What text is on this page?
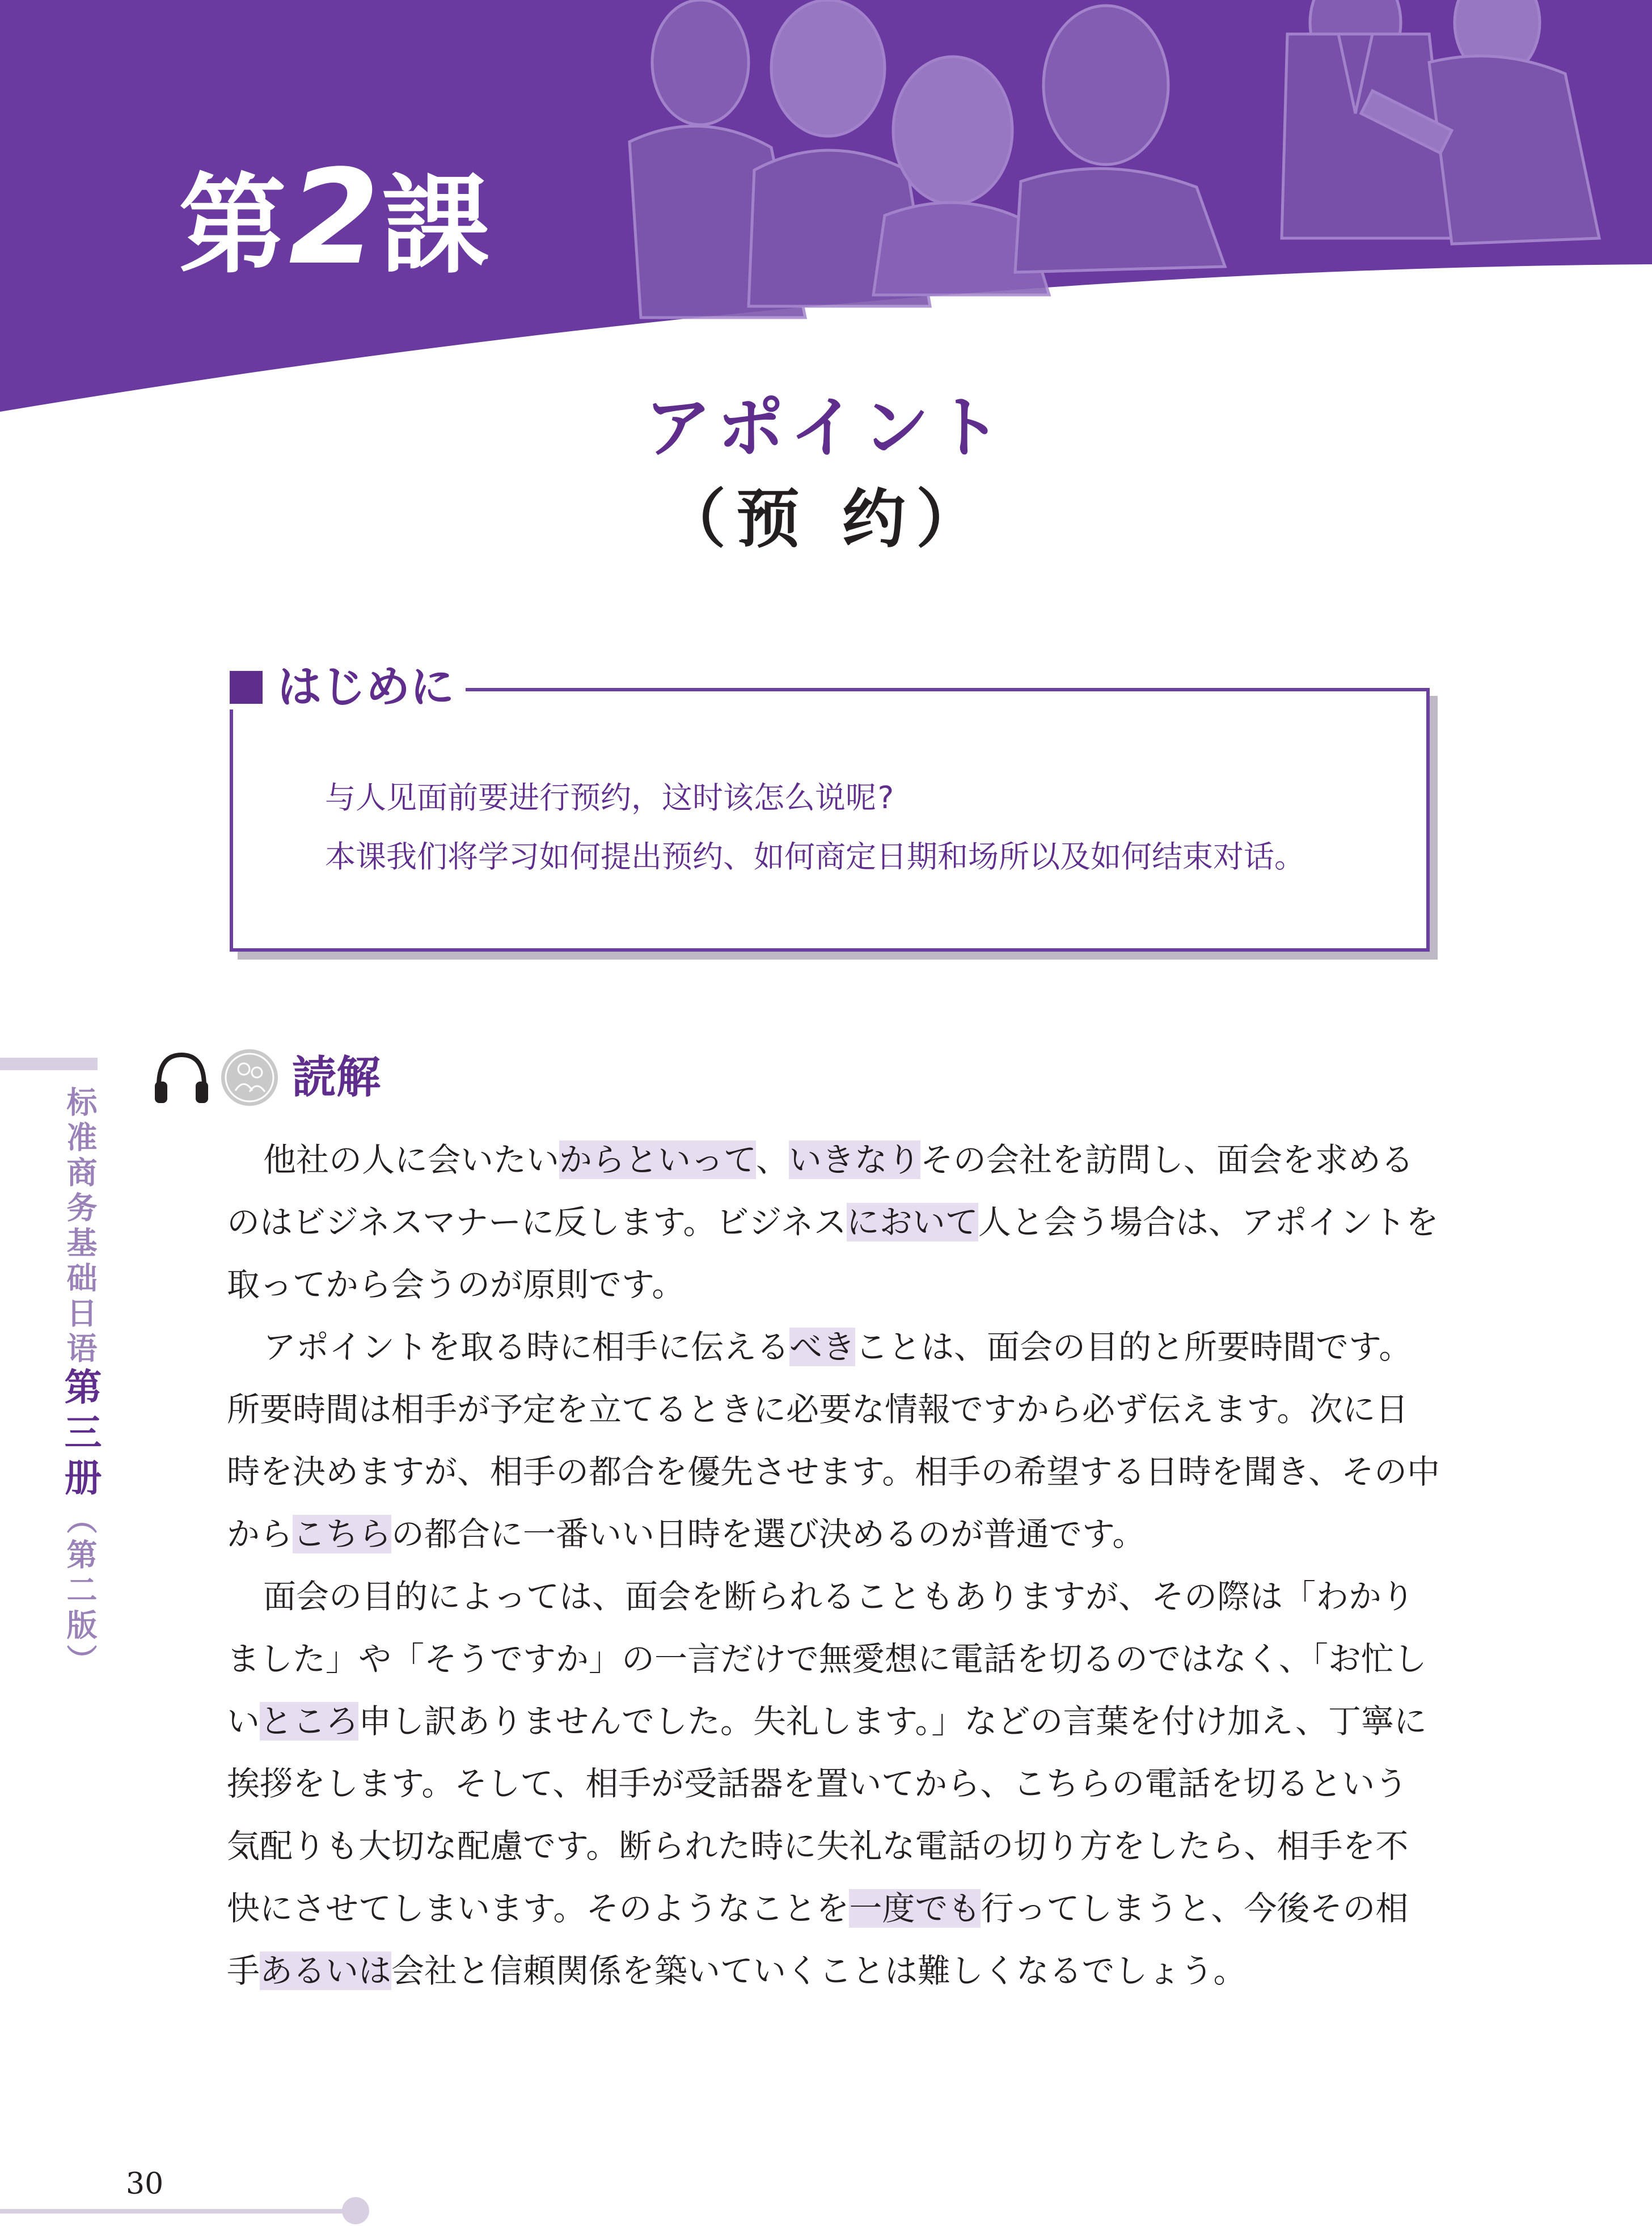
第2課
アポイント
（预 约）
はじめに

与人见面前要进行预约，这时该怎么说呢?

本课我们将学习如何提出预约、如何商定日期和场所以及如何结束对话。

标准商务基础日语第三册（第二版）
読解

他社の人に会いたいからといって、いきなりその会社を訪問し、面会を求めるのはビジネスマナーに反します。ビジネスにおいて人と会う場合は、アポイントを取ってから会うのが原則です。

アポイントを取る時に相手に伝えるべきことは、面会の目的と所要時間です。所要時間は相手が予定を立てるときに必要な情報ですから必ず伝えます。次に日時を決めますが、相手の都合を優先させます。相手の希望する日時を聞き、その中からこちらの都合に一番いい日時を選び決めるのが普通です。

面会の目的によっては、面会を断られることもありますが、その際は「わかりました」や「そうですか」の一言だけで無愛想に電話を切るのではなく、「お忙しいところ申し訳ありませんでした。失礼します。」などの言葉を付け加え、丁寧に挨拶をします。そして、相手が受話器を置いてから、こちらの電話を切るという気配りも大切な配慮です。断られた時に失礼な電話の切り方をしたら、相手を不快にさせてしまいます。そのようなことを一度でも行ってしまうと、今後その相手あるいは会社と信頼関係を築いていくことは難しくなるでしょう。

30
